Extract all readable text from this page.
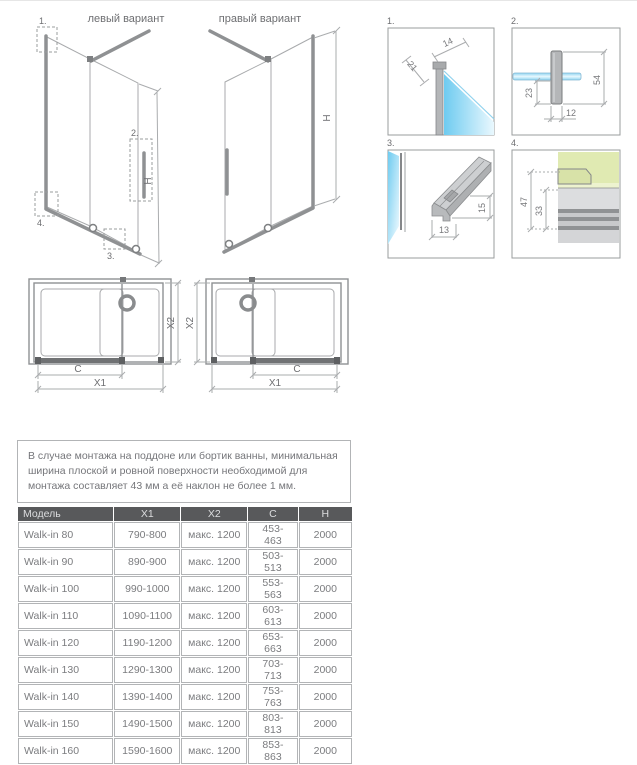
левый вариант
1.
2.
3.
4.
H
правый вариант
H
1.
14
21
2.
54
23
12
3.
13
15
4.
47
33
C
X1
X2
C
X1
X2
В случае монтажа на поддоне или бортик ванны, минимальная ширина плоской и ровной поверхности необходимой для монтажа составляет 43 мм а её наклон не более 1 мм.
Модель	X1	X2	C	H
Walk-in 80	790-800	макс. 1200	453-463	2000
Walk-in 90	890-900	макс. 1200	503-513	2000
Walk-in 100	990-1000	макс. 1200	553-563	2000
Walk-in 110	1090-1100	макс. 1200	603-613	2000
Walk-in 120	1190-1200	макс. 1200	653-663	2000
Walk-in 130	1290-1300	макс. 1200	703-713	2000
Walk-in 140	1390-1400	макс. 1200	753-763	2000
Walk-in 150	1490-1500	макс. 1200	803-813	2000
Walk-in 160	1590-1600	макс. 1200	853-863	2000
